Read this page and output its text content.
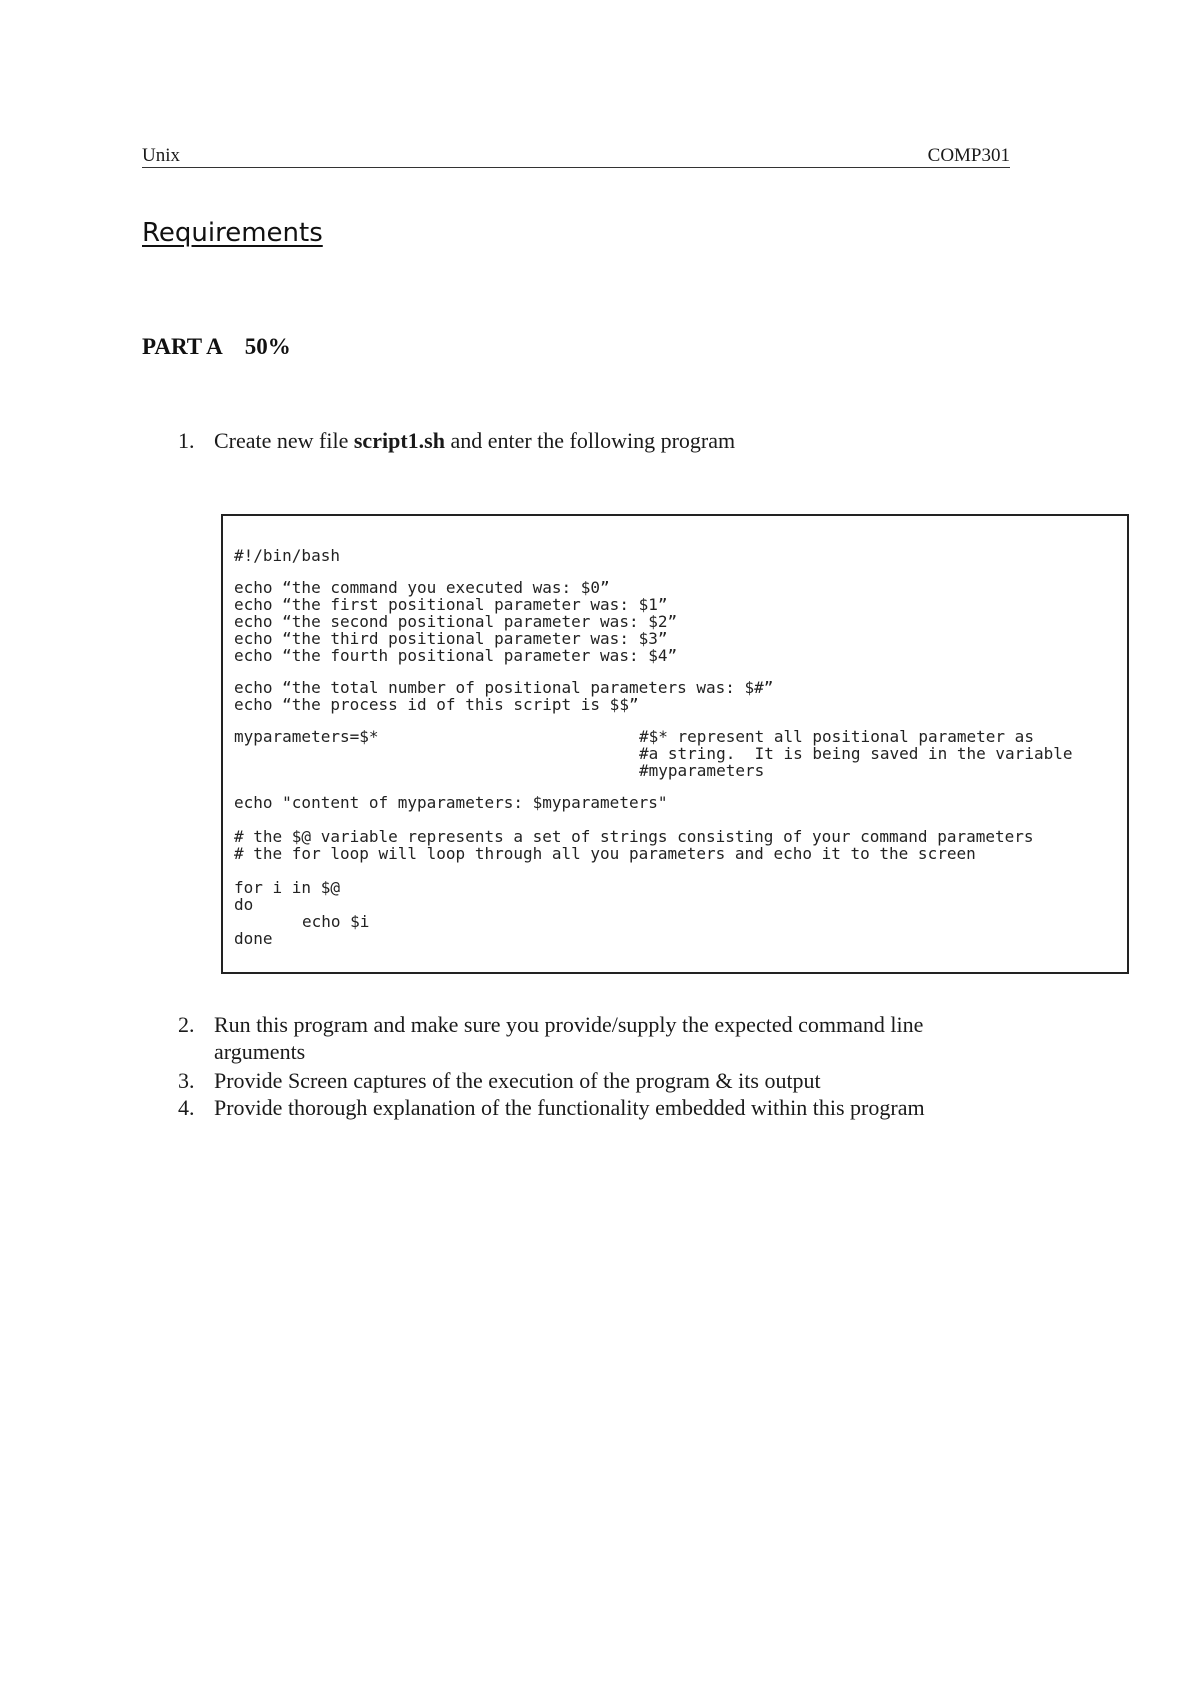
Unix	COMP301
Requirements
PART A 50%
1. Create new file script1.sh and enter the following program
#!/bin/bash
echo “the command you executed was: $0”
echo “the first positional parameter was: $1”
echo “the second positional parameter was: $2”
echo “the third positional parameter was: $3”
echo “the fourth positional parameter was: $4”
echo “the total number of positional parameters was: $#”
echo “the process id of this script is $$”
myparameters=$*	#$* represent all positional parameter as
#a string.  It is being saved in the variable
#myparameters
echo "content of myparameters: $myparameters"
# the $@ variable represents a set of strings consisting of your command parameters
# the for loop will loop through all you parameters and echo it to the screen
for i in $@
do
echo $i
done
2. Run this program and make sure you provide/supply the expected command line arguments
3. Provide Screen captures of the execution of the program & its output
4. Provide thorough explanation of the functionality embedded within this program
